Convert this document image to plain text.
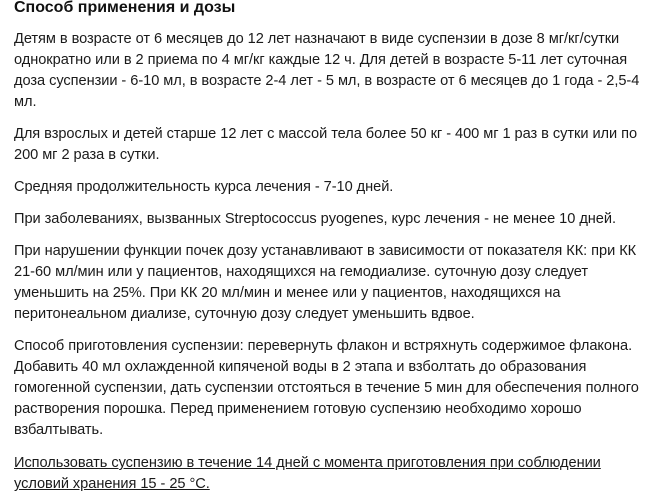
Способ применения и дозы

Детям в возрасте от 6 месяцев до 12 лет назначают в виде суспензии в дозе 8 мг/кг/сутки однократно или в 2 приема по 4 мг/кг каждые 12 ч. Для детей в возрасте 5-11 лет суточная доза суспензии - 6-10 мл, в возрасте 2-4 лет - 5 мл, в возрасте от 6 месяцев до 1 года - 2,5-4 мл.

Для взрослых и детей старше 12 лет с массой тела более 50 кг - 400 мг 1 раз в сутки или по 200 мг 2 раза в сутки.

Средняя продолжительность курса лечения - 7-10 дней.

При заболеваниях, вызванных Streptococcus pyogenes, курс лечения - не менее 10 дней.

При нарушении функции почек дозу устанавливают в зависимости от показателя КК: при КК 21-60 мл/мин или у пациентов, находящихся на гемодиализе. суточную дозу следует уменьшить на 25%. При КК 20 мл/мин и менее или у пациентов, находящихся на перитонеальном диализе, суточную дозу следует уменьшить вдвое.

Способ приготовления суспензии: перевернуть флакон и встряхнуть содержимое флакона. Добавить 40 мл охлажденной кипяченой воды в 2 этапа и взболтать до образования гомогенной суспензии, дать суспензии отстояться в течение 5 мин для обеспечения полного растворения порошка. Перед применением готовую суспензию необходимо хорошо взбалтывать.

Использовать суспензию в течение 14 дней с момента приготовления при соблюдении условий хранения 15 - 25 °С.
